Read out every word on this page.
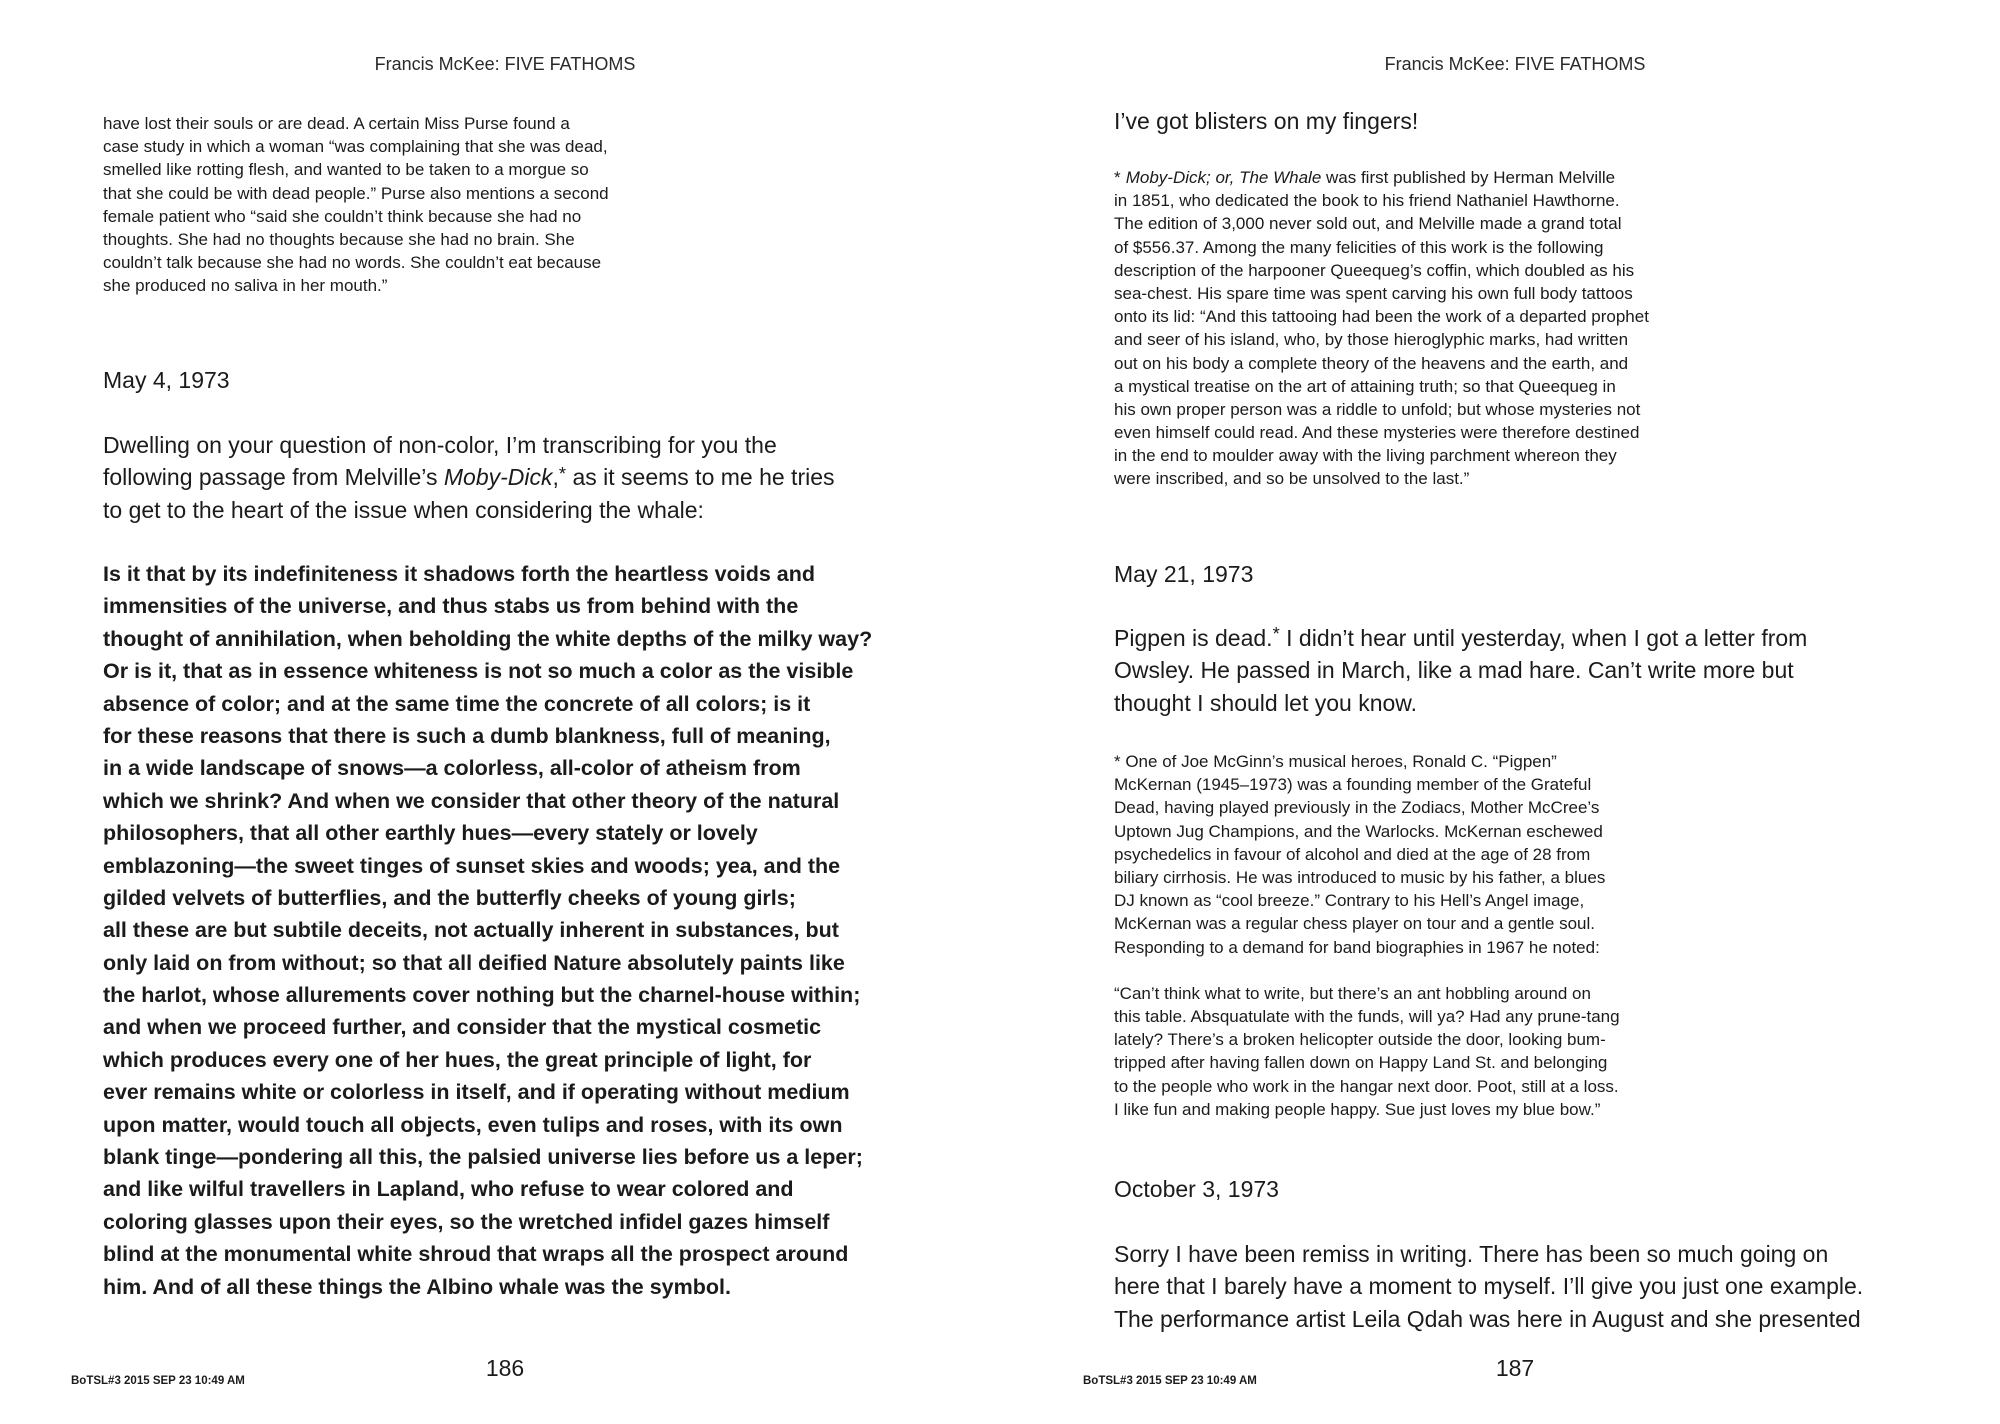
Francis McKee: FIVE FATHOMS
have lost their souls or are dead. A certain Miss Purse found a
case study in which a woman “was complaining that she was dead,
smelled like rotting flesh, and wanted to be taken to a morgue so
that she could be with dead people.” Purse also mentions a second
female patient who “said she couldn’t think because she had no
thoughts. She had no thoughts because she had no brain. She
couldn’t talk because she had no words. She couldn’t eat because
she produced no saliva in her mouth.”
May 4, 1973
Dwelling on your question of non-color, I’m transcribing for you the
following passage from Melville’s Moby-Dick,* as it seems to me he tries
to get to the heart of the issue when considering the whale:
Is it that by its indefiniteness it shadows forth the heartless voids and
immensities of the universe, and thus stabs us from behind with the
thought of annihilation, when beholding the white depths of the milky way?
Or is it, that as in essence whiteness is not so much a color as the visible
absence of color; and at the same time the concrete of all colors; is it
for these reasons that there is such a dumb blankness, full of meaning,
in a wide landscape of snows—a colorless, all-color of atheism from
which we shrink? And when we consider that other theory of the natural
philosophers, that all other earthly hues—every stately or lovely
emblazoning—the sweet tinges of sunset skies and woods; yea, and the
gilded velvets of butterflies, and the butterfly cheeks of young girls;
all these are but subtile deceits, not actually inherent in substances, but
only laid on from without; so that all deified Nature absolutely paints like
the harlot, whose allurements cover nothing but the charnel-house within;
and when we proceed further, and consider that the mystical cosmetic
which produces every one of her hues, the great principle of light, for
ever remains white or colorless in itself, and if operating without medium
upon matter, would touch all objects, even tulips and roses, with its own
blank tinge—pondering all this, the palsied universe lies before us a leper;
and like wilful travellers in Lapland, who refuse to wear colored and
coloring glasses upon their eyes, so the wretched infidel gazes himself
blind at the monumental white shroud that wraps all the prospect around
him. And of all these things the Albino whale was the symbol.
186
BoTSL#3 2015 SEP 23 10:49 AM
Francis McKee: FIVE FATHOMS
I’ve got blisters on my fingers!
* Moby-Dick; or, The Whale was first published by Herman Melville
in 1851, who dedicated the book to his friend Nathaniel Hawthorne.
The edition of 3,000 never sold out, and Melville made a grand total
of $556.37. Among the many felicities of this work is the following
description of the harpooner Queequeg’s coffin, which doubled as his
sea-chest. His spare time was spent carving his own full body tattoos
onto its lid: “And this tattooing had been the work of a departed prophet
and seer of his island, who, by those hieroglyphic marks, had written
out on his body a complete theory of the heavens and the earth, and
a mystical treatise on the art of attaining truth; so that Queequeg in
his own proper person was a riddle to unfold; but whose mysteries not
even himself could read. And these mysteries were therefore destined
in the end to moulder away with the living parchment whereon they
were inscribed, and so be unsolved to the last.”
May 21, 1973
Pigpen is dead.* I didn’t hear until yesterday, when I got a letter from
Owsley. He passed in March, like a mad hare. Can’t write more but
thought I should let you know.
* One of Joe McGinn’s musical heroes, Ronald C. “Pigpen”
McKernan (1945–1973) was a founding member of the Grateful
Dead, having played previously in the Zodiacs, Mother McCree’s
Uptown Jug Champions, and the Warlocks. McKernan eschewed
psychedelics in favour of alcohol and died at the age of 28 from
biliary cirrhosis. He was introduced to music by his father, a blues
DJ known as “cool breeze.” Contrary to his Hell’s Angel image,
McKernan was a regular chess player on tour and a gentle soul.
Responding to a demand for band biographies in 1967 he noted:
“Can’t think what to write, but there’s an ant hobbling around on
this table. Absquatulate with the funds, will ya? Had any prune-tang
lately? There’s a broken helicopter outside the door, looking bum-
tripped after having fallen down on Happy Land St. and belonging
to the people who work in the hangar next door. Poot, still at a loss.
I like fun and making people happy. Sue just loves my blue bow.”
October 3, 1973
Sorry I have been remiss in writing. There has been so much going on
here that I barely have a moment to myself. I’ll give you just one example.
The performance artist Leila Qdah was here in August and she presented
187
BoTSL#3 2015 SEP 23 10:49 AM
